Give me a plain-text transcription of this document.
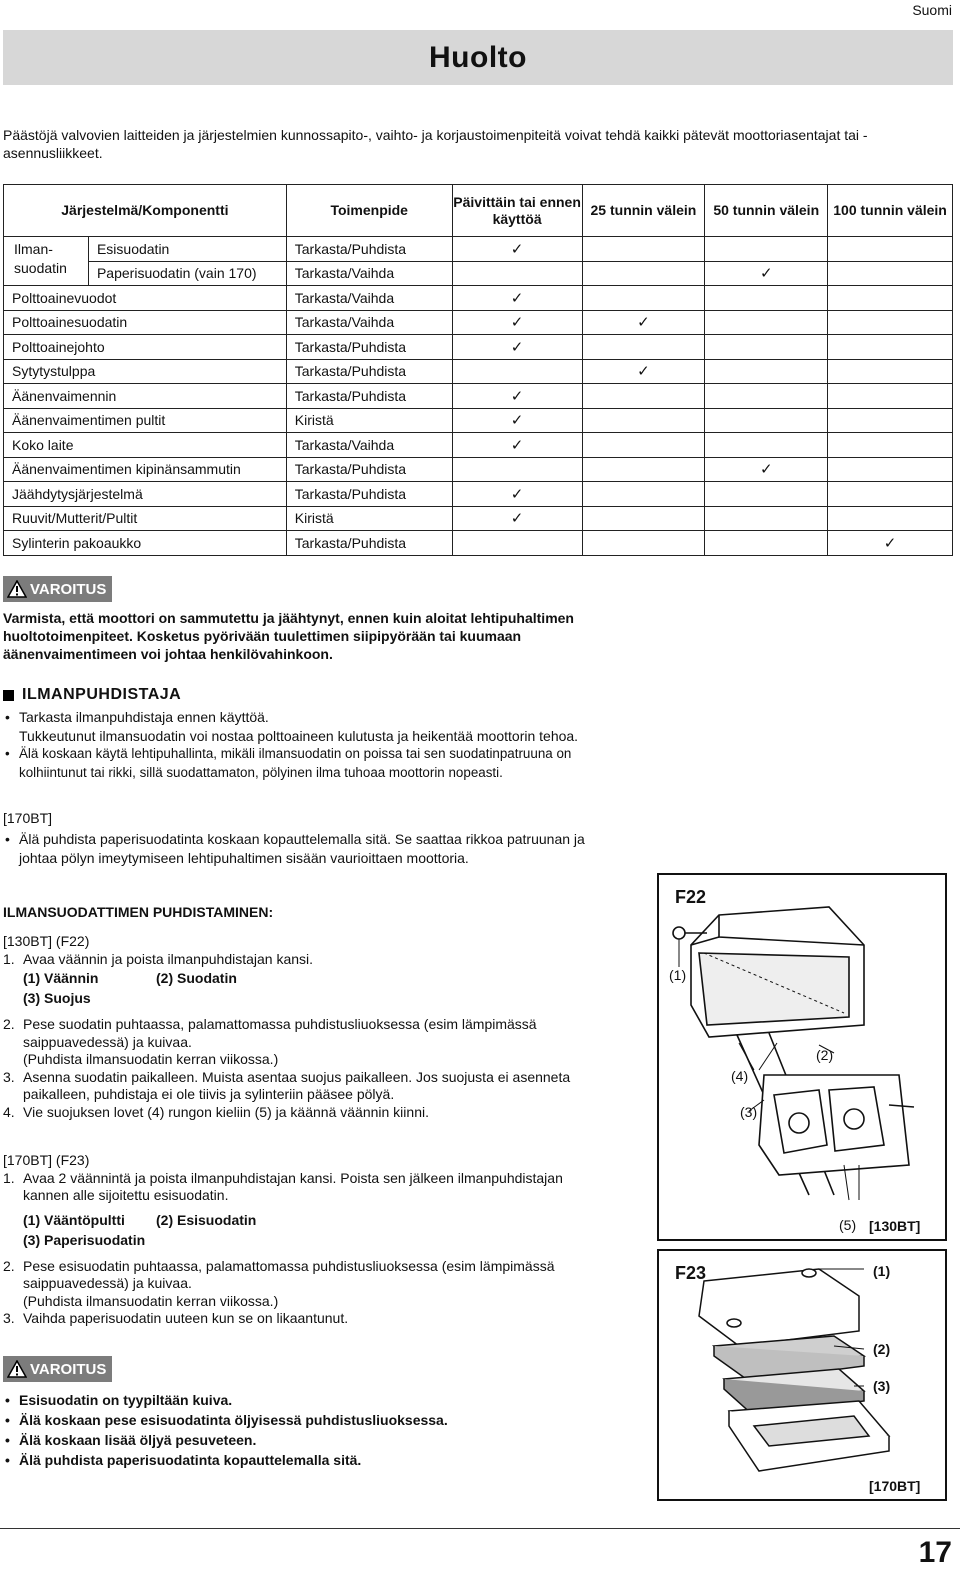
Suomi
Huolto

Päästöjä valvovien laitteiden ja järjestelmien kunnossapito-, vaihto- ja korjaustoimenpiteitä voivat tehdä kaikki pätevät moottoriasentajat tai -asennusliikkeet.

Järjestelmä/Komponentti		Toimenpide	Päivittäin tai ennen käyttöä	25 tunnin välein	50 tunnin välein	100 tunnin välein
Ilman-suodatin	Esisuodatin	Tarkasta/Puhdista	✓			
	Paperisuodatin (vain 170)	Tarkasta/Vaihda			✓	
Polttoainevuodot		Tarkasta/Vaihda	✓			
Polttoainesuodatin		Tarkasta/Vaihda	✓	✓		
Polttoainejohto		Tarkasta/Puhdista	✓			
Sytytystulppa		Tarkasta/Puhdista		✓		
Äänenvaimennin		Tarkasta/Puhdista	✓			
Äänenvaimentimen pultit		Kiristä	✓			
Koko laite		Tarkasta/Vaihda	✓			
Äänenvaimentimen kipinänsammutin		Tarkasta/Puhdista			✓	
Jäähdytysjärjestelmä		Tarkasta/Puhdista	✓			
Ruuvit/Mutterit/Pultit		Kiristä	✓			
Sylinterin pakoaukko		Tarkasta/Puhdista				✓
VAROITUS

Varmista, että moottori on sammutettu ja jäähtynyt, ennen kuin aloitat lehtipuhaltimen huoltotoimenpiteet. Kosketus pyörivään tuulettimen siipipyörään tai kuumaan äänenvaimentimeen voi johtaa henkilövahinkoon.

ILMANPUHDISTAJA
• Tarkasta ilmanpuhdistaja ennen käyttöä.
Tukkeutunut ilmansuodatin voi nostaa polttoaineen kulutusta ja heikentää moottorin tehoa.
• Älä koskaan käytä lehtipuhallinta, mikäli ilmansuodatin on poissa tai sen suodatinpatruuna on kolhiintunut tai rikki, sillä suodattamaton, pölyinen ilma tuhoaa moottorin nopeasti.
[170BT]
• Älä puhdista paperisuodatinta koskaan kopauttelemalla sitä. Se saattaa rikkoa patruunan ja johtaa pölyn imeytymiseen lehtipuhaltimen sisään vaurioittaen moottoria.
ILMANSUODATTIMEN PUHDISTAMINEN:
[130BT] (F22)
1. Avaa väännin ja poista ilmanpuhdistajan kansi.
(1) Väännin	(2) Suodatin
(3) Suojus
2. Pese suodatin puhtaassa, palamattomassa puhdistusliuoksessa (esim lämpimässä saippuavedessä) ja kuivaa.
(Puhdista ilmansuodatin kerran viikossa.)
3. Asenna suodatin paikalleen. Muista asentaa suojus paikalleen. Jos suojusta ei asenneta paikalleen, puhdistaja ei ole tiivis ja sylinteriin pääsee pölyä.
4. Vie suojuksen lovet (4) rungon kieliin (5) ja käännä väännin kiinni.
[170BT] (F23)
1. Avaa 2 väännintä ja poista ilmanpuhdistajan kansi. Poista sen jälkeen ilmanpuhdistajan kannen alle sijoitettu esisuodatin.
(1) Vääntöpultti	(2) Esisuodatin
(3) Paperisuodatin
2. Pese esisuodatin puhtaassa, palamattomassa puhdistusliuoksessa (esim lämpimässä saippuavedessä) ja kuivaa.
(Puhdista ilmansuodatin kerran viikossa.)
3. Vaihda paperisuodatin uuteen kun se on likaantunut.
VAROITUS
• Esisuodatin on tyypiltään kuiva.
• Älä koskaan pese esisuodatinta öljyisessä puhdistusliuoksessa.
• Älä koskaan lisää öljyä pesuveteen.
• Älä puhdista paperisuodatinta kopauttelemalla sitä.
F22
(1)
(2)
(3)
(4)
(5) [130BT]
F23	(1)
(2)
(3)
[170BT]
17
